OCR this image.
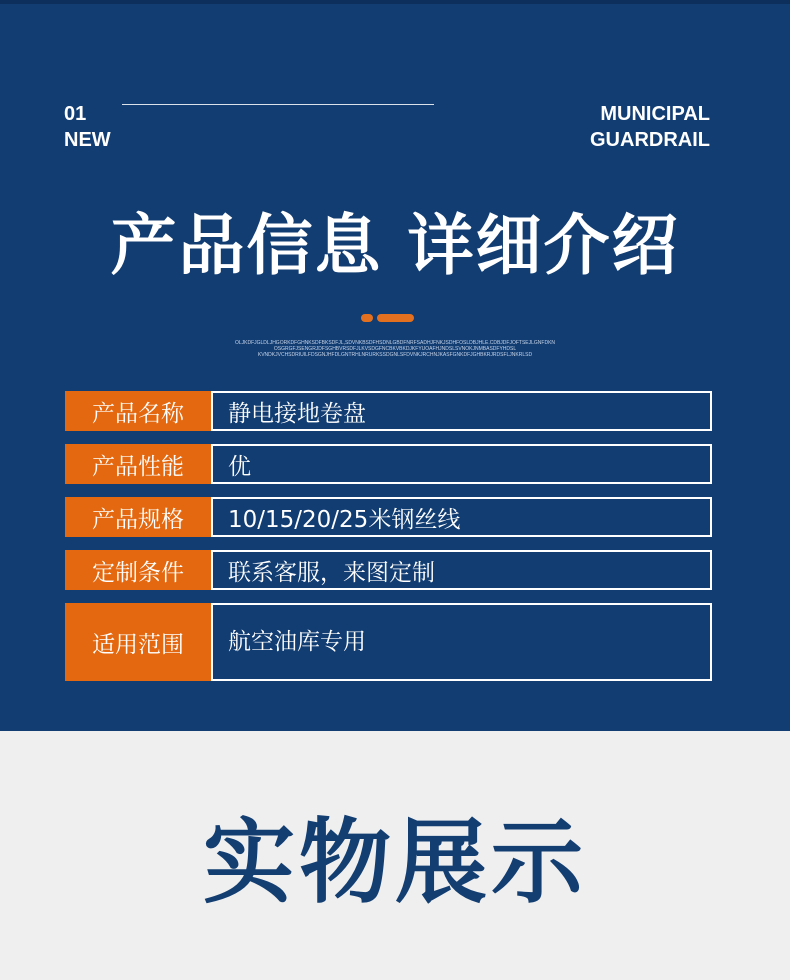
01
NEW
MUNICIPAL
GUARDRAIL
产品信息 详细介绍
OLJKDFJGLDLJHGORKDFGHNKSDFBKSDFJL,SDVNKBSDFHSDNLGBDFNRFSADHJFNKJSDHFOSLDBJHLE.CDBJDFJOFTSEJLGNFDKN OSGRGFJSENGRJDFSGHBVRSDFJLKVSDGFNCBKVBKDJKFYUOAFHJNDSLSVNOKJNMBASDFYHDSL KVNDKJVCHSDRIUILFDSGNJHFDLGNTRHLNRURKSSDGNLSFDVNKJRCHNJKASFGNKDFJGHBKRJRDSFLJNKRLSD
产品名称	静电接地卷盘
产品性能	优
产品规格	10/15/20/25米钢丝线
定制条件	联系客服，来图定制
适用范围	航空油库专用
实物展示
